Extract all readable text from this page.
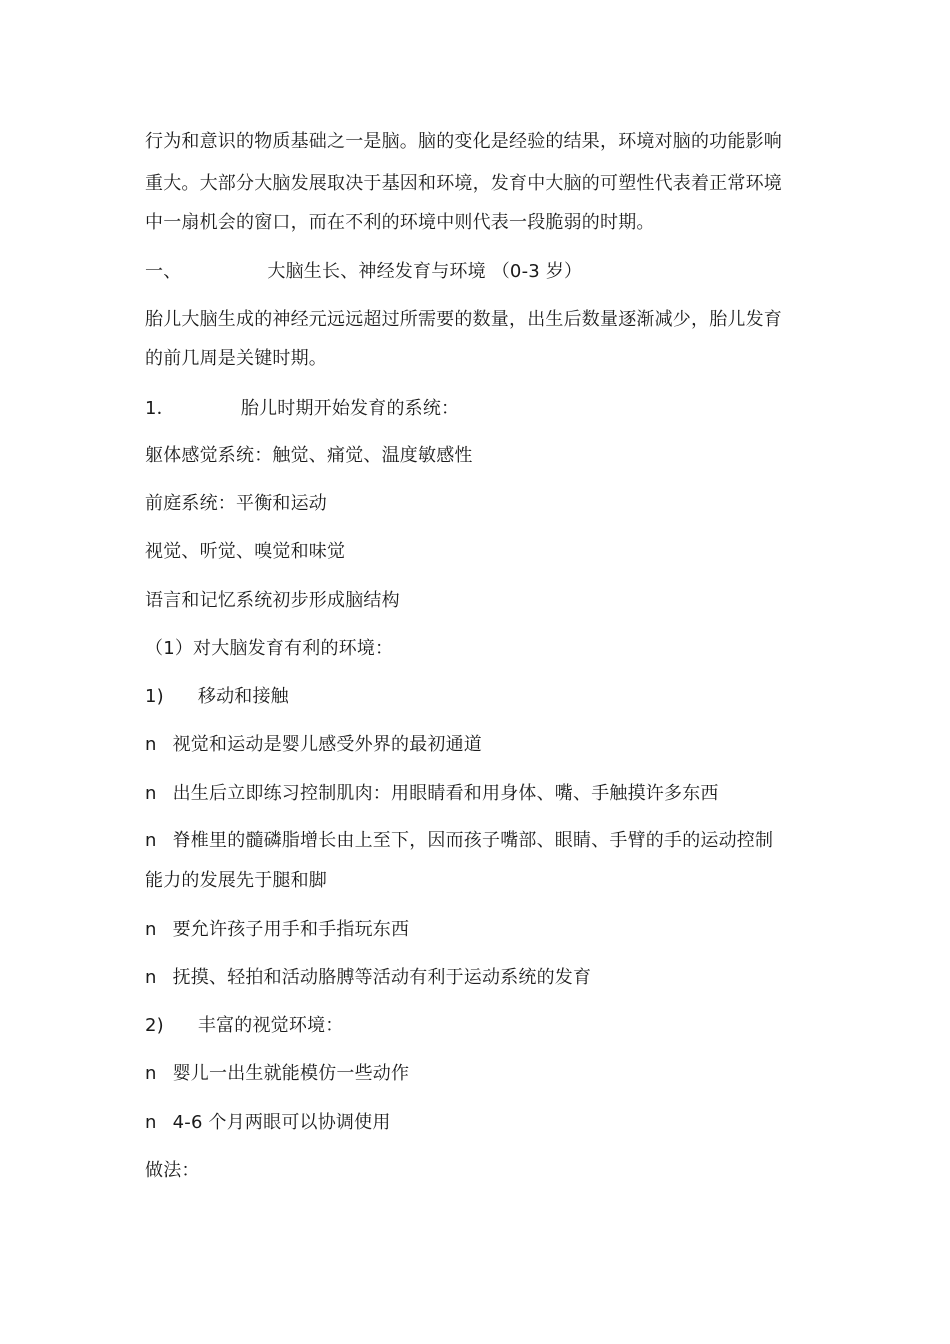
行为和意识的物质基础之一是脑。脑的变化是经验的结果，环境对脑的功能影响
重大。大部分大脑发展取决于基因和环境，发育中大脑的可塑性代表着正常环境
中一扇机会的窗口，而在不利的环境中则代表一段脆弱的时期。
一、	大脑生长、神经发育与环境 （0-3 岁）
胎儿大脑生成的神经元远远超过所需要的数量，出生后数量逐渐减少，胎儿发育
的前几周是关键时期。
1．	胎儿时期开始发育的系统：
躯体感觉系统：触觉、痛觉、温度敏感性
前庭系统：平衡和运动
视觉、听觉、嗅觉和味觉
语言和记忆系统初步形成脑结构
（1）对大脑发育有利的环境：
1) 移动和接触
n 视觉和运动是婴儿感受外界的最初通道
n 出生后立即练习控制肌肉：用眼睛看和用身体、嘴、手触摸许多东西
n 脊椎里的髓磷脂增长由上至下，因而孩子嘴部、眼睛、手臂的手的运动控制
能力的发展先于腿和脚
n 要允许孩子用手和手指玩东西
n 抚摸、轻拍和活动胳膊等活动有利于运动系统的发育
2) 丰富的视觉环境：
n 婴儿一出生就能模仿一些动作
n 4-6 个月两眼可以协调使用
做法：
